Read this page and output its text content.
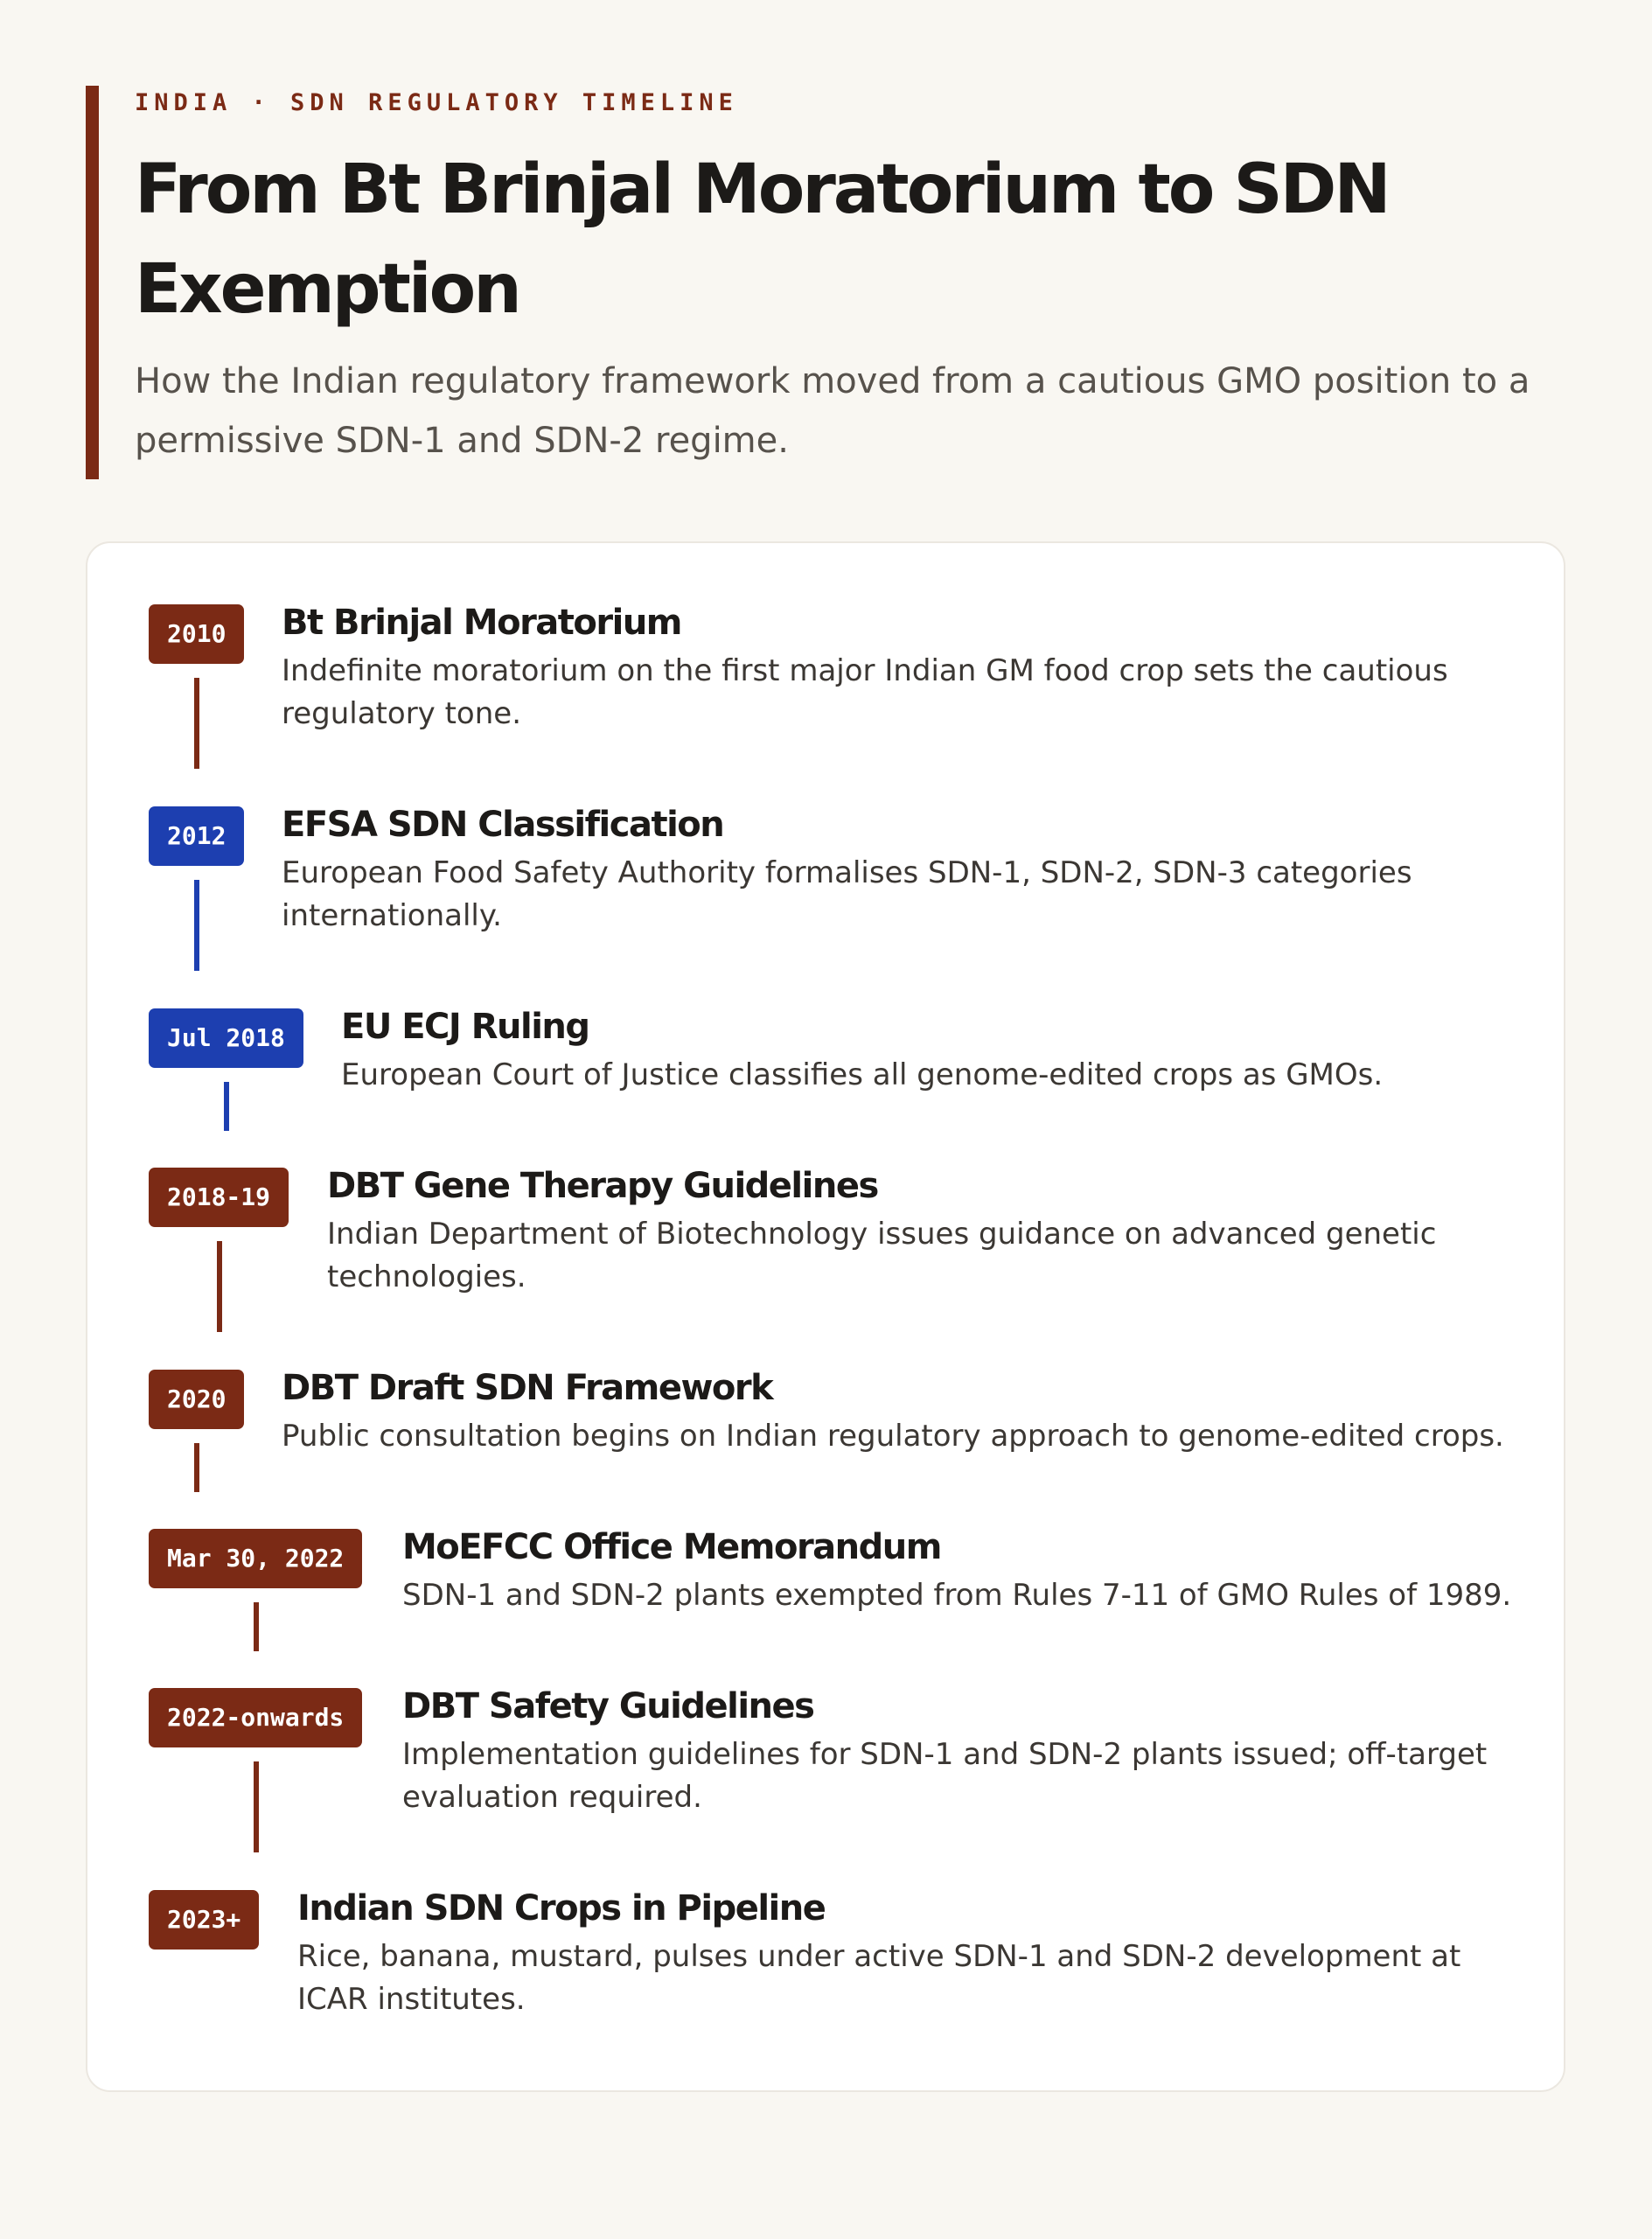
INDIA · SDN REGULATORY TIMELINE
From Bt Brinjal Moratorium to SDN Exemption

How the Indian regulatory framework moved from a cautious GMO position to a permissive SDN-1 and SDN-2 regime.

2010	Bt Brinjal Moratorium
Indefinite moratorium on the first major Indian GM food crop sets the cautious regulatory tone.
2012	EFSA SDN Classification
European Food Safety Authority formalises SDN-1, SDN-2, SDN-3 categories internationally.
Jul 2018	EU ECJ Ruling
European Court of Justice classifies all genome-edited crops as GMOs.
2018-19	DBT Gene Therapy Guidelines
Indian Department of Biotechnology issues guidance on advanced genetic technologies.
2020	DBT Draft SDN Framework
Public consultation begins on Indian regulatory approach to genome-edited crops.
Mar 30, 2022	MoEFCC Office Memorandum
SDN-1 and SDN-2 plants exempted from Rules 7-11 of GMO Rules of 1989.
2022-onwards	DBT Safety Guidelines
Implementation guidelines for SDN-1 and SDN-2 plants issued; off-target evaluation required.
2023+	Indian SDN Crops in Pipeline
Rice, banana, mustard, pulses under active SDN-1 and SDN-2 development at ICAR institutes.
